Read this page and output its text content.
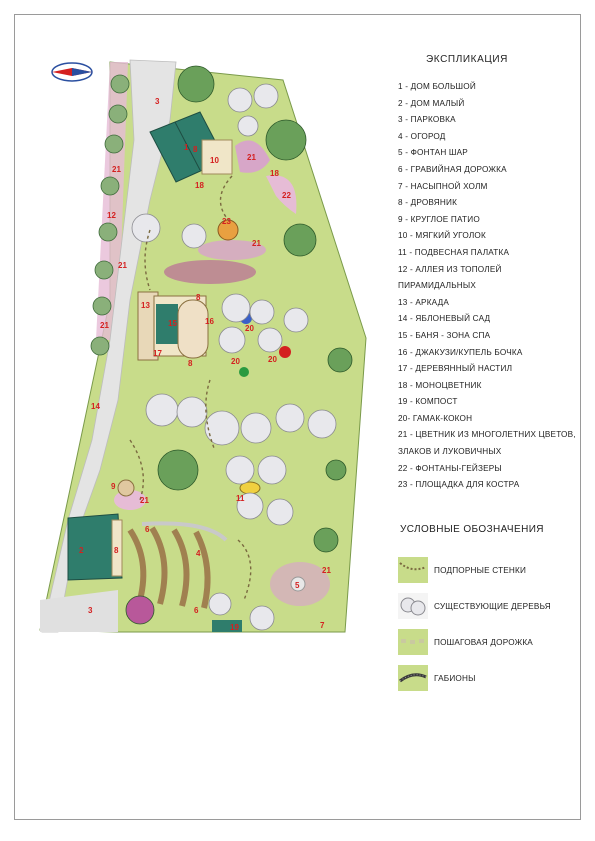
3
1 8
10	21
18
18
22
21
23
21
12
21
13
8
15	16
20
21
17
8	20	20
14
9
21	11
6
2	8	4
21
5
3	6
7
19
ЭКСПЛИКАЦИЯ
1 - ДОМ БОЛЬШОЙ
2 - ДОМ МАЛЫЙ
3 - ПАРКОВКА
4 - ОГОРОД
5 - ФОНТАН ШАР
6 - ГРАВИЙНАЯ ДОРОЖКА
7 - НАСЫПНОЙ ХОЛМ
8 - ДРОВЯНИК
9 - КРУГЛОЕ ПАТИО
10 - МЯГКИЙ УГОЛОК
11 - ПОДВЕСНАЯ ПАЛАТКА
12 - АЛЛЕЯ ИЗ ТОПОЛЕЙ ПИРАМИДАЛЬНЫХ
13 - АРКАДА
14 - ЯБЛОНЕВЫЙ САД
15 - БАНЯ - ЗОНА СПА
16 - ДЖАКУЗИ/КУПЕЛЬ БОЧКА
17 - ДЕРЕВЯННЫЙ НАСТИЛ
18 - МОНОЦВЕТНИК
19 - КОМПОСТ
20- ГАМАК-КОКОН
21 - ЦВЕТНИК ИЗ МНОГОЛЕТНИХ ЦВЕТОВ, ЗЛАКОВ И ЛУКОВИЧНЫХ
22 - ФОНТАНЫ-ГЕЙЗЕРЫ
23 - ПЛОЩАДКА ДЛЯ КОСТРА
УСЛОВНЫЕ ОБОЗНАЧЕНИЯ
ПОДПОРНЫЕ СТЕНКИ
СУЩЕСТВУЮЩИЕ ДЕРЕВЬЯ
ПОШАГОВАЯ ДОРОЖКА
ГАБИОНЫ
